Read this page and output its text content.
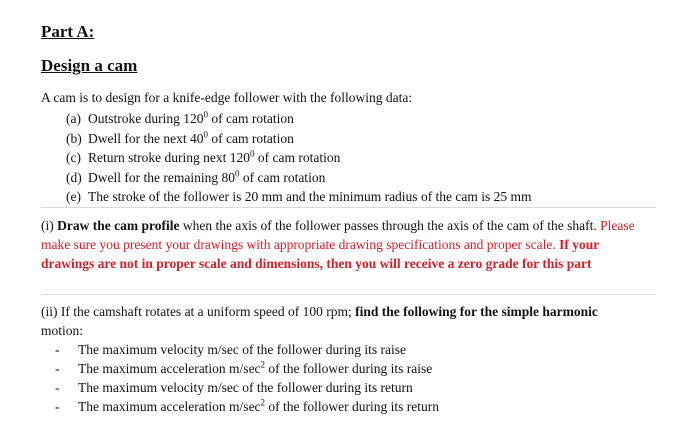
Part A:
Design a cam
A cam is to design for a knife-edge follower with the following data:
(a) Outstroke during $120^0$ of cam rotation
(b) Dwell for the next $40^0$ of cam rotation
(c) Return stroke during next $120^0$ of cam rotation
(d) Dwell for the remaining $80^0$ of cam rotation
(e) The stroke of the follower is 20 mm and the minimum radius of the cam is 25 mm
(i) Draw the cam profile when the axis of the follower passes through the axis of the cam of the shaft. Please make sure you present your drawings with appropriate drawing specifications and proper scale. If your drawings are not in proper scale and dimensions, then you will receive a zero grade for this part
(ii) If the camshaft rotates at a uniform speed of 100 rpm; find the following for the simple harmonic
motion:
- The maximum velocity m/sec of the follower during its raise
- The maximum acceleration $m/\sec^2$ of the follower during its raise
- The maximum velocity m/sec of the follower during its return
- The maximum acceleration $m/\sec^2$ of the follower during its return
